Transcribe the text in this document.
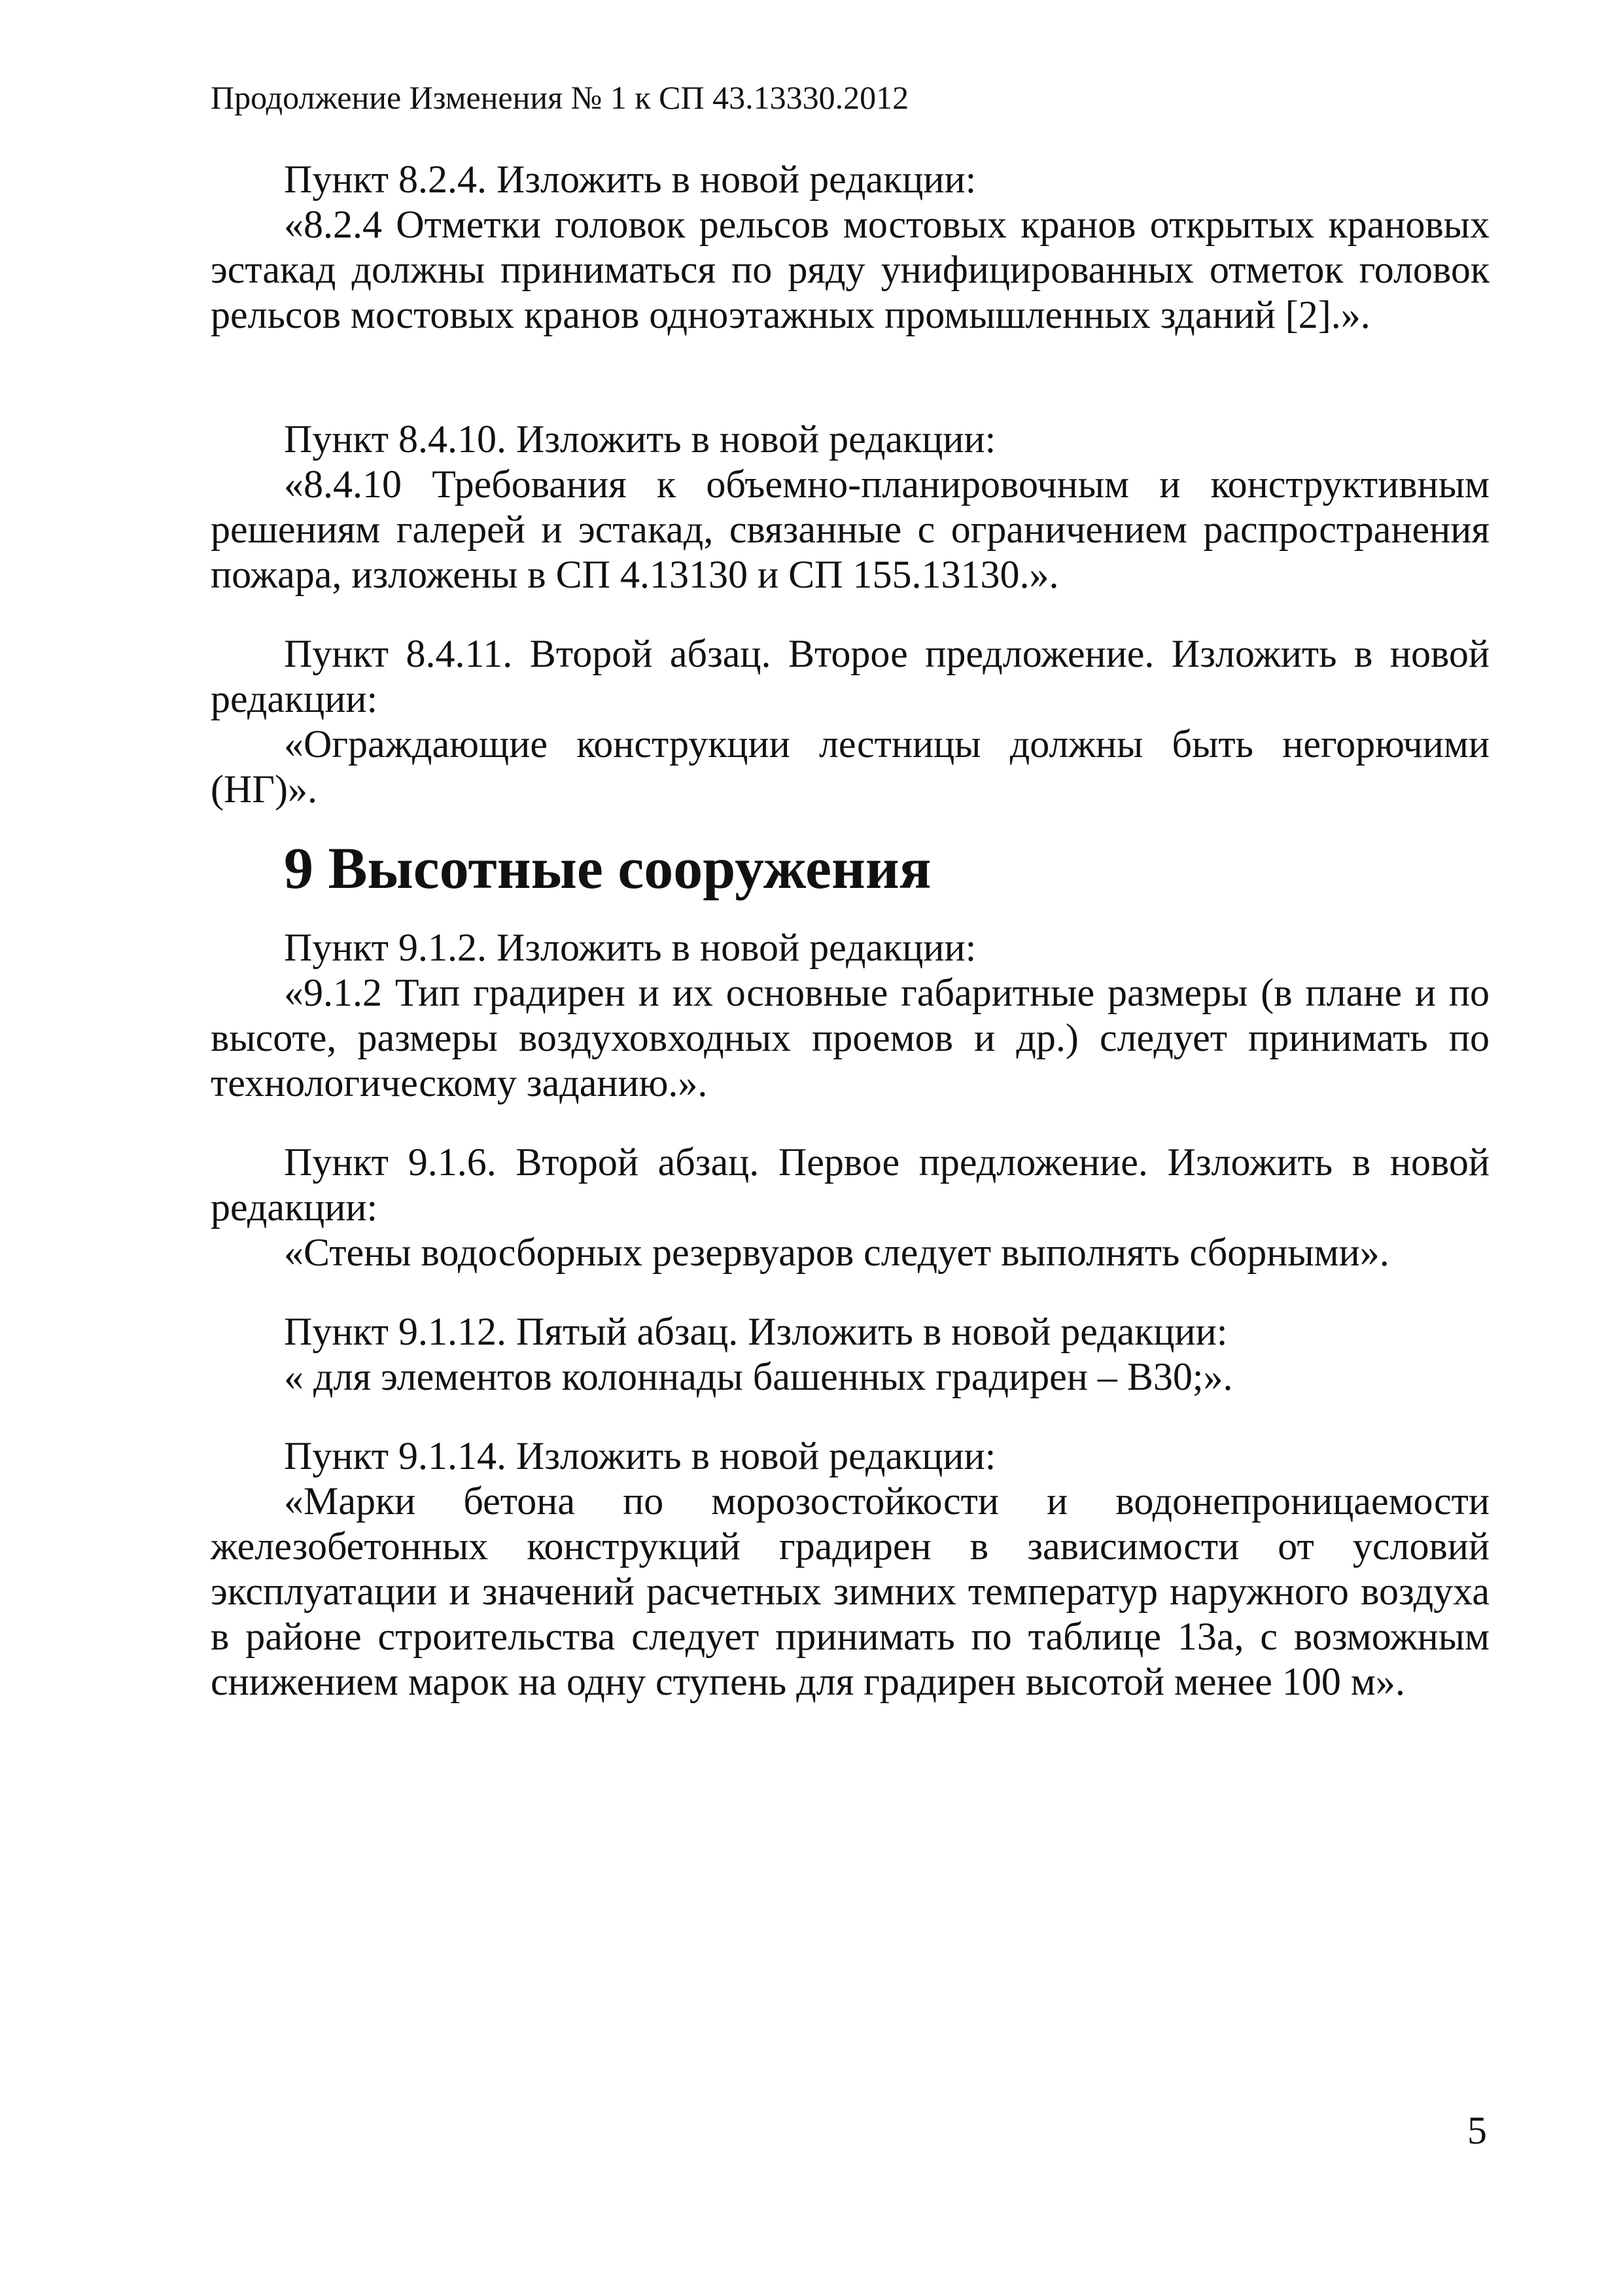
Продолжение Изменения № 1 к СП 43.13330.2012

Пункт 8.2.4. Изложить в новой редакции:

«8.2.4 Отметки головок рельсов мостовых кранов открытых крановых эстакад должны приниматься по ряду унифицированных отметок головок рельсов мостовых кранов одноэтажных промышленных зданий [2].».

Пункт 8.4.10. Изложить в новой редакции:

«8.4.10 Требования к объемно-планировочным и конструктивным решениям галерей и эстакад, связанные с ограничением распространения пожара, изложены в СП 4.13130 и СП 155.13130.».

Пункт 8.4.11. Второй абзац. Второе предложение. Изложить в новой редакции:

«Ограждающие конструкции лестницы должны быть негорючими (НГ)».

9 Высотные сооружения

Пункт 9.1.2. Изложить в новой редакции:

«9.1.2 Тип градирен и их основные габаритные размеры (в плане и по высоте, размеры воздуховходных проемов и др.) следует принимать по технологическому заданию.».

Пункт 9.1.6. Второй абзац. Первое предложение. Изложить в новой редакции:

«Стены водосборных резервуаров следует выполнять сборными».

Пункт 9.1.12. Пятый абзац. Изложить в новой редакции:

« для элементов колоннады башенных градирен – В30;».

Пункт 9.1.14. Изложить в новой редакции:

«Марки бетона по морозостойкости и водонепроницаемости железобетонных конструкций градирен в зависимости от условий эксплуатации и значений расчетных зимних температур наружного воздуха в районе строительства следует принимать по таблице 13а, с возможным снижением марок на одну ступень для градирен высотой менее 100 м».

5
